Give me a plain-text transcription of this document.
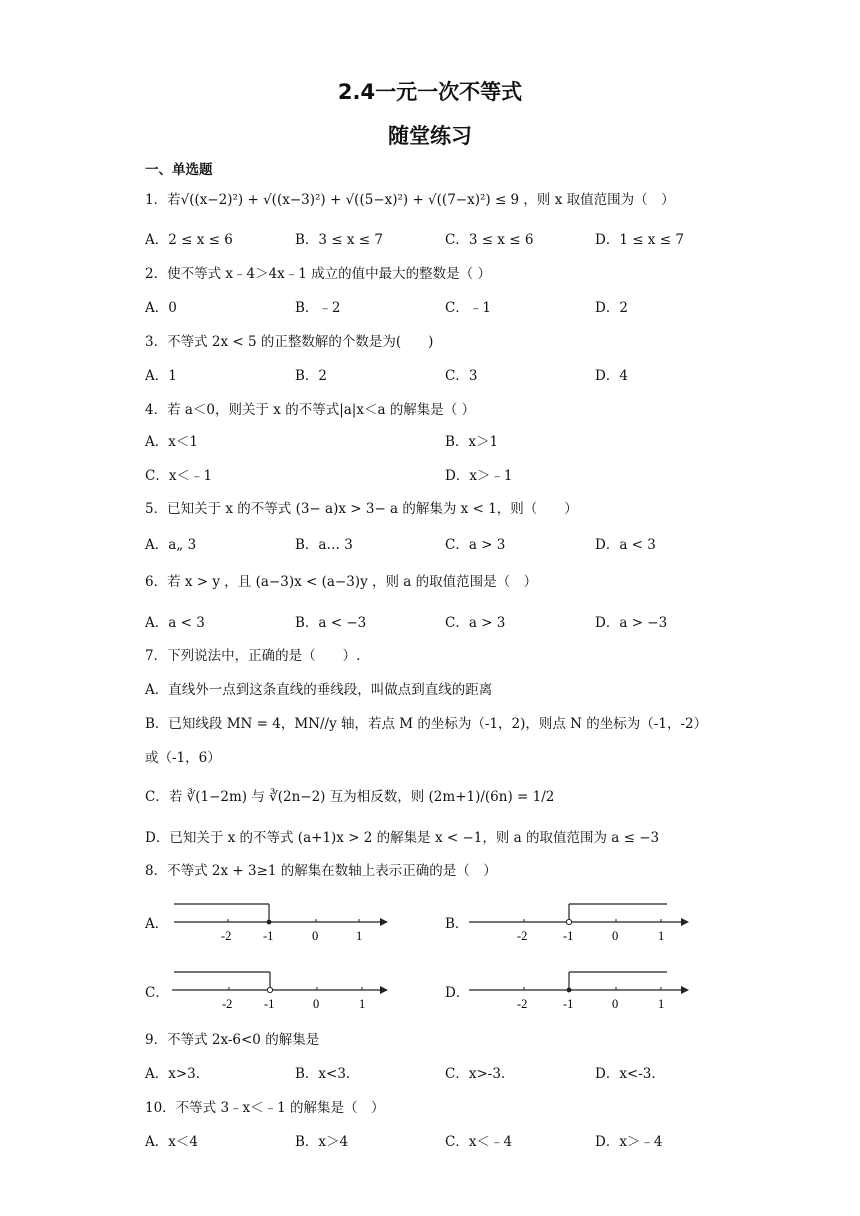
2.4一元一次不等式
随堂练习
一、单选题
1．若√((x−2)²) + √((x−3)²) + √((5−x)²) + √((7−x)²) ≤ 9 ，则 x 取值范围为（　）
A．2 ≤ x ≤ 6	B．3 ≤ x ≤ 7	C．3 ≤ x ≤ 6	D．1 ≤ x ≤ 7
2．使不等式 x﹣4＞4x﹣1 成立的值中最大的整数是（ ）
A．0	B．﹣2	C．﹣1	D．2
3．不等式 2x < 5 的正整数解的个数是为(　　)
A．1	B．2	C．3	D．4
4．若 a＜0，则关于 x 的不等式|a|x＜a 的解集是（ ）
A．x＜1	B．x＞1
C．x＜﹣1	D．x＞﹣1
5．已知关于 x 的不等式 (3− a)x > 3− a 的解集为 x < 1，则（　　）
A．a„ 3	B．a… 3	C．a > 3	D．a < 3
6．若 x > y ，且 (a−3)x < (a−3)y ，则 a 的取值范围是（　）
A．a < 3	B．a < −3	C．a > 3	D．a > −3
7．下列说法中，正确的是（　　）.
A．直线外一点到这条直线的垂线段，叫做点到直线的距离
B．已知线段 MN = 4，MN//y 轴，若点 M 的坐标为（-1，2)，则点 N 的坐标为（-1，-2）
或（-1，6）
C．若 ∛(1−2m) 与 ∛(2n−2) 互为相反数，则 (2m+1)/(6n) = 1/2
D．已知关于 x 的不等式 (a+1)x > 2 的解集是 x < −1，则 a 的取值范围为 a ≤ −3
8．不等式 2x + 3≥1 的解集在数轴上表示正确的是（　）
A．
-2	-1	0	1
B．
-2	-1	0	1
C．
-2	-1	0	1
D．
-2	-1	0	1
9．不等式 2x-6<0 的解集是
A．x>3.	B．x<3.	C．x>-3.	D．x<-3.
10．不等式 3﹣x＜﹣1 的解集是（　）
A．x＜4	B．x＞4	C．x＜﹣4	D．x＞﹣4
